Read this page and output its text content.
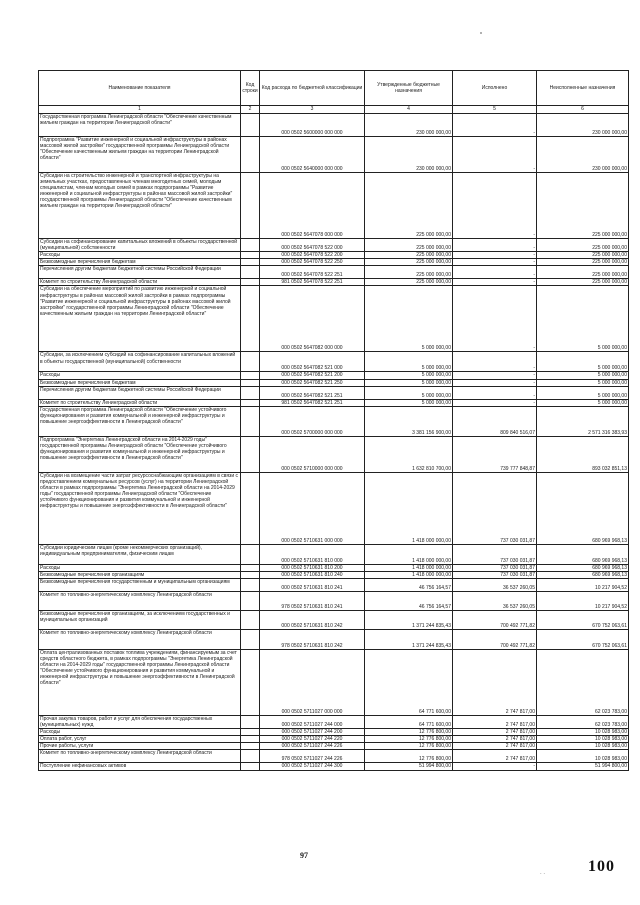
Наименование показателя	Код строки	Код расхода по бюджетной классификации	Утвержденные бюджетные назначения	Исполнено	Неисполненные назначения
1	2	3	4	5	6
Государственная программа Ленинградской области "Обеспечение качественным жильем граждан на территории Ленинградской области"		000 0502 5600000 000 000	230 000 000,00	-	230 000 000,00
Подпрограмма "Развитие инженерной и социальной инфраструктуры в районах массовой жилой застройки" государственной программы Ленинградской области "Обеспечение качественным жильем граждан на территории Ленинградской области"		000 0502 5640000 000 000	230 000 000,00	-	230 000 000,00
Субсидии на строительство инженерной и транспортной инфраструктуры на земельных участках, предоставленных членам многодетных семей, молодым специалистам, членам молодых семей в рамках подпрограммы "Развитие инженерной и социальной инфраструктуры в районах массовой жилой застройки" государственной программы Ленинградской области "Обеспечение качественным жильем граждан на территории Ленинградской области"		000 0502 5647078 000 000	225 000 000,00	-	225 000 000,00
Субсидии на софинансирование капитальных вложений в объекты государственной (муниципальной) собственности		000 0502 5647078 522 000	225 000 000,00	-	225 000 000,00
Расходы		000 0502 5647078 522 200	225 000 000,00	-	225 000 000,00
Безвозмездные перечисления бюджетам		000 0502 5647078 522 250	225 000 000,00	-	225 000 000,00
Перечисления другим бюджетам бюджетной системы Российской Федерации		000 0502 5647078 522 251	225 000 000,00	-	225 000 000,00
Комитет по строительству Ленинградской области		981 0502 5647078 522 251	225 000 000,00	-	225 000 000,00
Субсидии на обеспечение мероприятий по развитию инженерной и социальной инфраструктуры в районах массовой жилой застройки в рамках подпрограммы "Развитие инженерной и социальной инфраструктуры в районах массовой жилой застройки" государственной программы Ленинградской области "Обеспечение качественным жильем граждан на территории Ленинградской области"		000 0502 5647082 000 000	5 000 000,00	-	5 000 000,00
Субсидии, за исключением субсидий на софинансирование капитальных вложений в объекты государственной (муниципальной) собственности		000 0502 5647082 521 000	5 000 000,00	-	5 000 000,00
Расходы		000 0502 5647082 521 200	5 000 000,00	-	5 000 000,00
Безвозмездные перечисления бюджетам		000 0502 5647082 521 250	5 000 000,00	-	5 000 000,00
Перечисления другим бюджетам бюджетной системы Российской Федерации		000 0502 5647082 521 251	5 000 000,00	-	5 000 000,00
Комитет по строительству Ленинградской области		981 0502 5647082 521 251	5 000 000,00	-	5 000 000,00
Государственная программа Ленинградской области "Обеспечение устойчивого функционирования и развития коммунальной и инженерной инфраструктуры и повышение энергоэффективности в Ленинградской области"		000 0502 5700000 000 000	3 381 156 900,00	809 840 516,07	2 571 316 383,93
Подпрограмма "Энергетика Ленинградской области на 2014-2029 годы" государственной программы Ленинградской области "Обеспечение устойчивого функционирования и развития коммунальной и инженерной инфраструктуры и повышение энергоэффективности в Ленинградской области"		000 0502 5710000 000 000	1 632 810 700,00	739 777 848,87	893 032 851,13
Субсидии на возмещение части затрат ресурсоснабжающим организациям в связи с предоставлением коммунальных ресурсов (услуг) на территории Ленинградской области в рамках подпрограммы "Энергетика Ленинградской области на 2014-2029 годы" государственной программы Ленинградской области "Обеспечение устойчивого функционирования и развития коммунальной и инженерной инфраструктуры и повышение энергоэффективности в Ленинградской области"		000 0502 5710631 000 000	1 418 000 000,00	737 030 031,87	680 969 968,13
Субсидии юридическим лицам (кроме некоммерческих организаций), индивидуальным предпринимателям, физическим лицам		000 0502 5710631 810 000	1 418 000 000,00	737 030 031,87	680 969 968,13
Расходы		000 0502 5710631 810 200	1 418 000 000,00	737 030 031,87	680 969 968,13
Безвозмездные перечисления организациям		000 0502 5710631 810 240	1 418 000 000,00	737 030 031,87	680 969 968,13
Безвозмездные перечисления государственным и муниципальным организациям		000 0502 5710631 810 241	46 756 164,57	36 537 260,05	10 217 904,52
Комитет по топливно-энергетическому комплексу Ленинградской области		978 0502 5710631 810 241	46 756 164,57	36 537 260,05	10 217 904,52
Безвозмездные перечисления организациям, за исключением государственных и муниципальных организаций		000 0502 5710631 810 242	1 371 244 835,43	700 492 771,82	670 752 063,61
Комитет по топливно-энергетическому комплексу Ленинградской области		978 0502 5710631 810 242	1 371 244 835,43	700 492 771,82	670 752 063,61
Оплата централизованных поставок топлива учреждениям, финансируемым за счет средств областного бюджета, в рамках подпрограммы "Энергетика Ленинградской области на 2014-2029 годы" государственной программы Ленинградской области "Обеспечение устойчивого функционирования и развития коммунальной и инженерной инфраструктуры и повышение энергоэффективности в Ленинградской области"		000 0502 5711027 000 000	64 771 600,00	2 747 817,00	62 023 783,00
Прочая закупка товаров, работ и услуг для обеспечения государственных (муниципальных) нужд		000 0502 5711027 244 000	64 771 600,00	2 747 817,00	62 023 783,00
Расходы		000 0502 5711027 244 200	12 776 800,00	2 747 817,00	10 028 983,00
Оплата работ, услуг		000 0502 5711027 244 220	12 776 800,00	2 747 817,00	10 028 983,00
Прочие работы, услуги		000 0502 5711027 244 226	12 776 800,00	2 747 817,00	10 028 983,00
Комитет по топливно-энергетическому комплексу Ленинградской области		978 0502 5711027 244 226	12 776 800,00	2 747 817,00	10 028 983,00
Поступление нефинансовых активов		000 0502 5711027 244 300	51 994 800,00	-	51 994 800,00
97
100
. .
